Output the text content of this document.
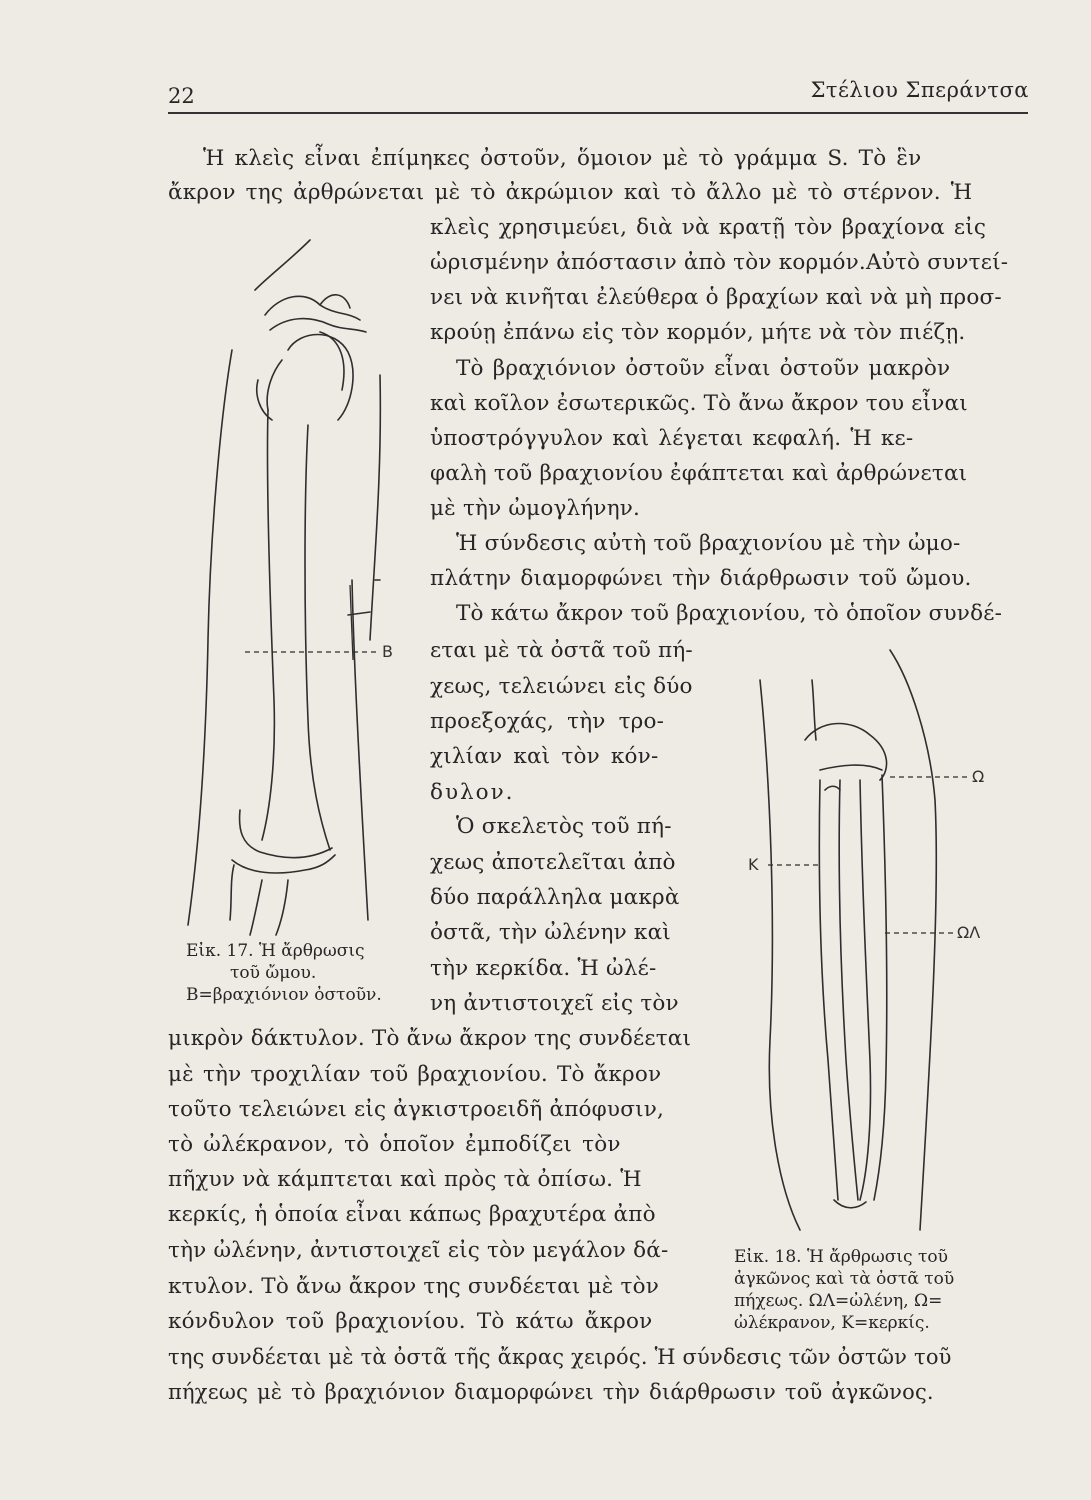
22	Στέλιου Σπεράντσα
Ἡ κλεὶς εἶναι ἐπίμηκες ὀστοῦν, ὅμοιον μὲ τὸ γράμμα S. Τὸ ἓν
ἄκρον της ἀρθρώνεται μὲ τὸ ἀκρώμιον καὶ τὸ ἄλλο μὲ τὸ στέρνον. Ἡ
κλεὶς χρησιμεύει, διὰ νὰ κρατῇ τὸν βραχίονα εἰς
ὡρισμένην ἀπόστασιν ἀπὸ τὸν κορμόν.Αὐτὸ συντεί-
νει νὰ κινῆται ἐλεύθερα ὁ βραχίων καὶ νὰ μὴ προσ-
κρούῃ ἐπάνω εἰς τὸν κορμόν, μήτε νὰ τὸν πιέζῃ.
Τὸ βραχιόνιον ὀστοῦν εἶναι ὀστοῦν μακρὸν
καὶ κοῖλον ἐσωτερικῶς. Τὸ ἄνω ἄκρον του εἶναι
ὑποστρόγγυλον καὶ λέγεται κεφαλή. Ἡ κε-
φαλὴ τοῦ βραχιονίου ἐφάπτεται καὶ ἀρθρώνεται
μὲ τὴν ὠμογλήνην.
Ἡ σύνδεσις αὐτὴ τοῦ βραχιονίου μὲ τὴν ὠμο-
πλάτην διαμορφώνει τὴν διάρθρωσιν τοῦ ὤμου.
Τὸ κάτω ἄκρον τοῦ βραχιονίου, τὸ ὁποῖον συνδέ-
εται μὲ τὰ ὀστᾶ τοῦ πή-
χεως, τελειώνει εἰς δύο
προεξοχάς, τὴν τρο-
χιλίαν καὶ τὸν κόν-
δυλον.
Ὁ σκελετὸς τοῦ πή-
χεως ἀποτελεῖται ἀπὸ
δύο παράλληλα μακρὰ
ὀστᾶ, τὴν ὠλένην καὶ
τὴν κερκίδα. Ἡ ὠλέ-
νη ἀντιστοιχεῖ εἰς τὸν
μικρὸν δάκτυλον. Τὸ ἄνω ἄκρον της συνδέεται
μὲ τὴν τροχιλίαν τοῦ βραχιονίου. Τὸ ἄκρον
τοῦτο τελειώνει εἰς ἀγκιστροειδῆ ἀπόφυσιν,
τὸ ὠλέκρανον, τὸ ὁποῖον ἐμποδίζει τὸν
πῆχυν νὰ κάμπτεται καὶ πρὸς τὰ ὀπίσω. Ἡ
κερκίς, ἡ ὁποία εἶναι κάπως βραχυτέρα ἀπὸ
τὴν ὠλένην, ἀντιστοιχεῖ εἰς τὸν μεγάλον δά-
κτυλον. Τὸ ἄνω ἄκρον της συνδέεται μὲ τὸν
κόνδυλον τοῦ βραχιονίου. Τὸ κάτω ἄκρον
της συνδέεται μὲ τὰ ὀστᾶ τῆς ἄκρας χειρός. Ἡ σύνδεσις τῶν ὀστῶν τοῦ
πήχεως μὲ τὸ βραχιόνιον διαμορφώνει τὴν διάρθρωσιν τοῦ ἀγκῶνος.
Β
Εἰκ. 17. Ἡ ἄρθρωσις
τοῦ ὤμου.
Β=βραχιόνιον ὀστοῦν.
Ω
Κ
ΩΛ
Εἰκ. 18. Ἡ ἄρθρωσις τοῦ
ἀγκῶνος καὶ τὰ ὀστᾶ τοῦ
πήχεως. ΩΛ=ὠλένη, Ω=
ὠλέκρανον, Κ=κερκίς.
